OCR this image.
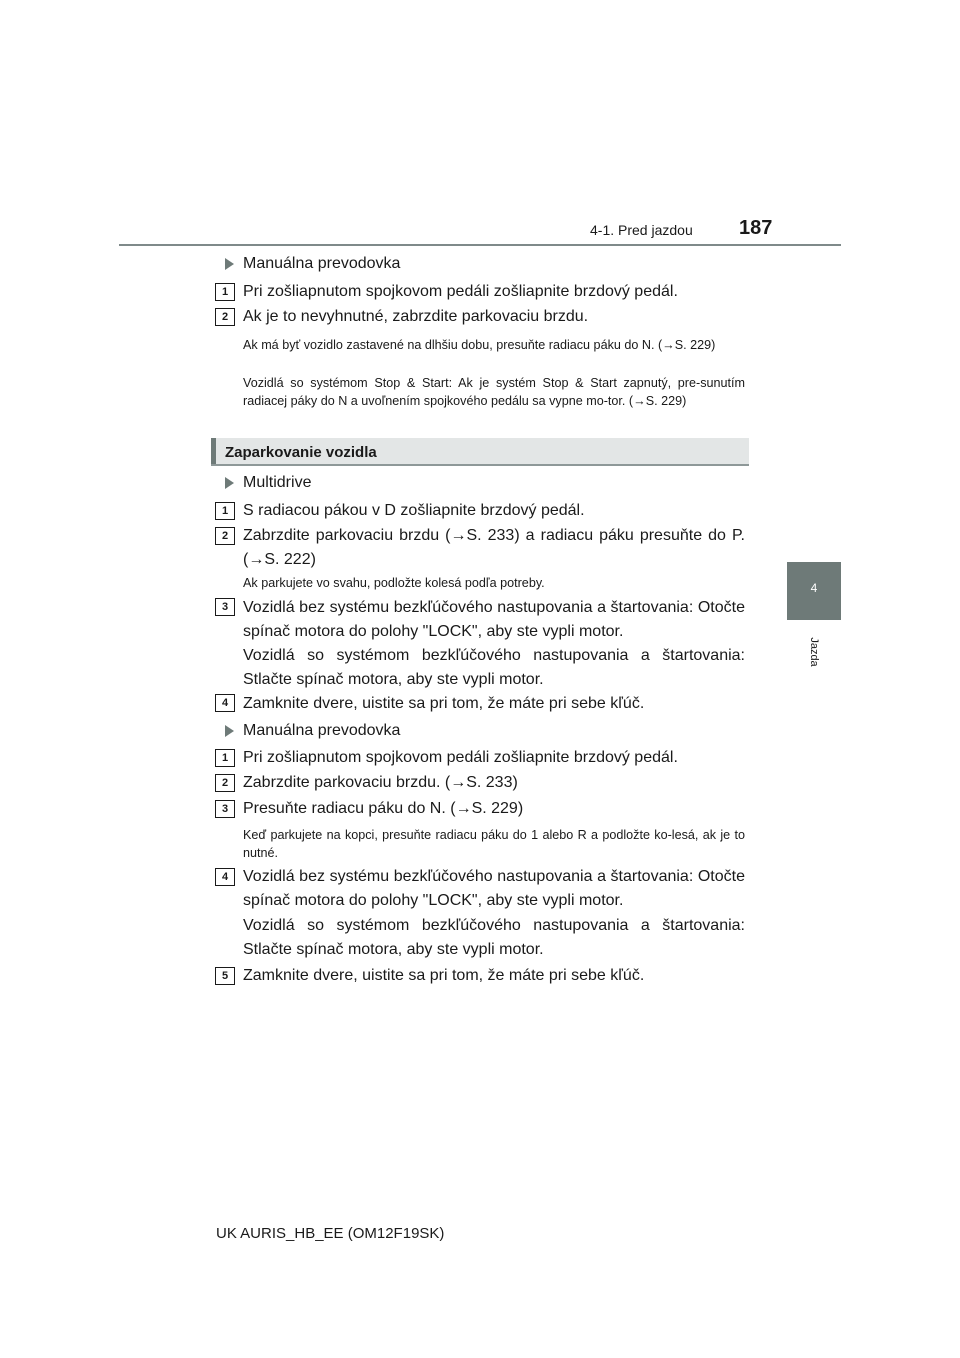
4-1. Pred jazdou 187
4
Jazda
Manuálna prevodovka
1 Pri zošliapnutom spojkovom pedáli zošliapnite brzdový pedál.
2 Ak je to nevyhnutné, zabrzdite parkovaciu brzdu.
Ak má byť vozidlo zastavené na dlhšiu dobu, presuňte radiacu páku do N. (→S. 229)
Vozidlá so systémom Stop & Start: Ak je systém Stop & Start zapnutý, pre-sunutím radiacej páky do N a uvoľnením spojkového pedálu sa vypne mo-tor. (→S. 229)
Zaparkovanie vozidla
Multidrive
1 S radiacou pákou v D zošliapnite brzdový pedál.
2 Zabrzdite parkovaciu brzdu (→S. 233) a radiacu páku presuňte do P. (→S. 222)
Ak parkujete vo svahu, podložte kolesá podľa potreby.
3 Vozidlá bez systému bezkľúčového nastupovania a štartovania: Otočte spínač motora do polohy "LOCK", aby ste vypli motor.
Vozidlá so systémom bezkľúčového nastupovania a štartovania: Stlačte spínač motora, aby ste vypli motor.
4 Zamknite dvere, uistite sa pri tom, že máte pri sebe kľúč.
Manuálna prevodovka
1 Pri zošliapnutom spojkovom pedáli zošliapnite brzdový pedál.
2 Zabrzdite parkovaciu brzdu. (→S. 233)
3 Presuňte radiacu páku do N. (→S. 229)
Keď parkujete na kopci, presuňte radiacu páku do 1 alebo R a podložte ko-lesá, ak je to nutné.
4 Vozidlá bez systému bezkľúčového nastupovania a štartovania: Otočte spínač motora do polohy "LOCK", aby ste vypli motor.
Vozidlá so systémom bezkľúčového nastupovania a štartovania: Stlačte spínač motora, aby ste vypli motor.
5 Zamknite dvere, uistite sa pri tom, že máte pri sebe kľúč.
UK AURIS_HB_EE (OM12F19SK)
